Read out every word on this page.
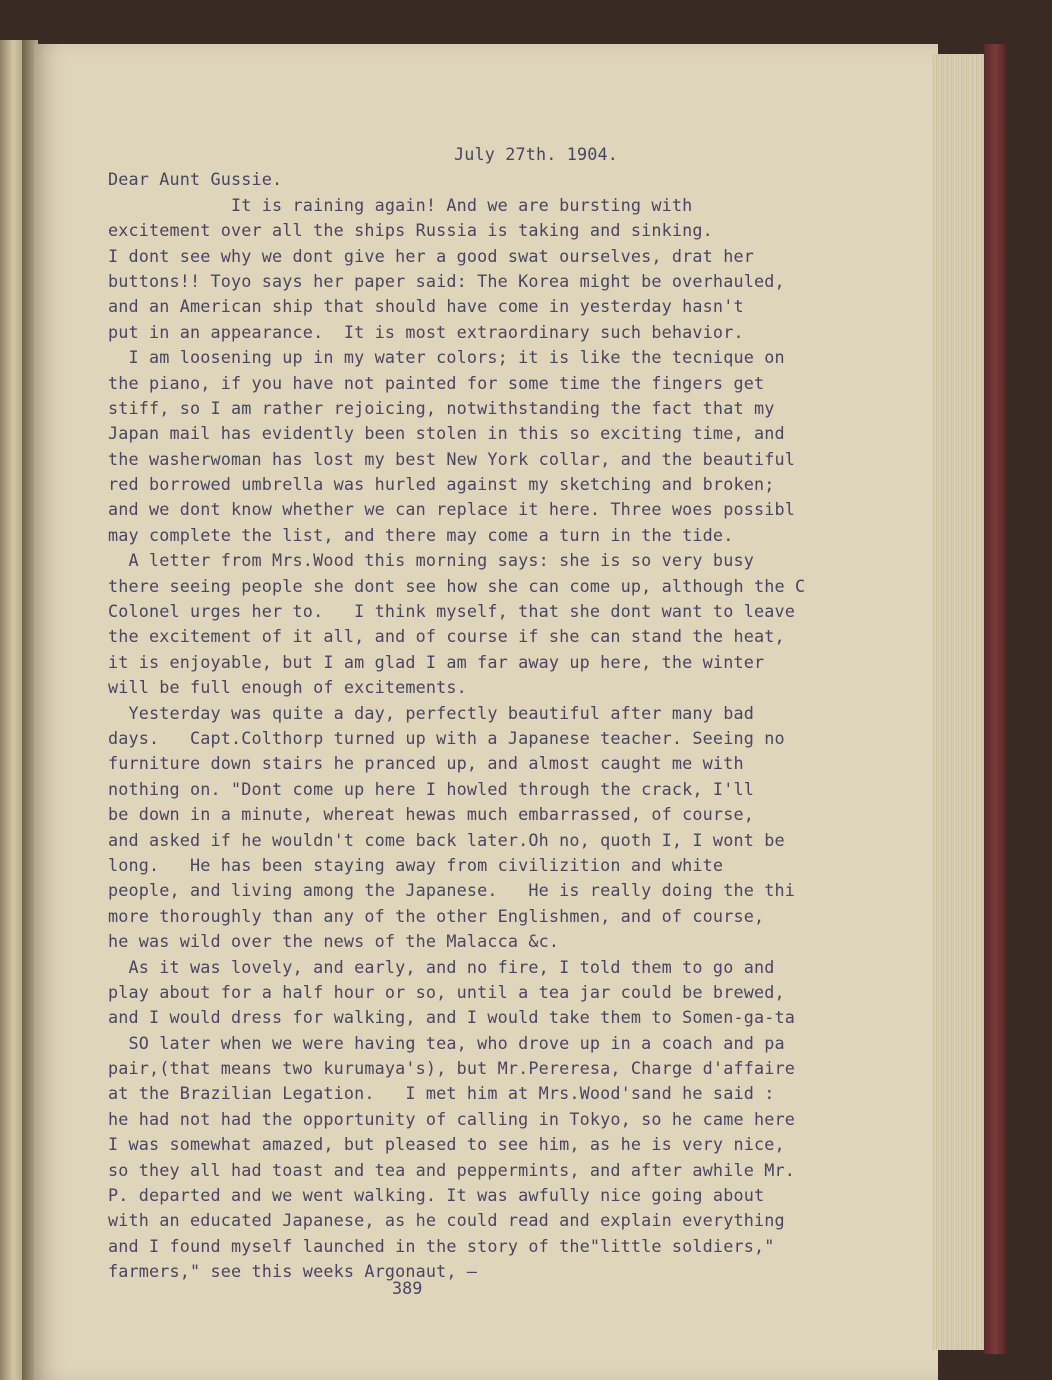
July 27th. 1904.
Dear Aunt Gussie.
It is raining again! And we are bursting with
excitement over all the ships Russia is taking and sinking.
I dont see why we dont give her a good swat ourselves, drat her
buttons!! Toyo says her paper said: The Korea might be overhauled,
and an American ship that should have come in yesterday hasn't
put in an appearance.  It is most extraordinary such behavior.
I am loosening up in my water colors; it is like the tecnique on
the piano, if you have not painted for some time the fingers get
stiff, so I am rather rejoicing, notwithstanding the fact that my
Japan mail has evidently been stolen in this so exciting time, and
the washerwoman has lost my best New York collar, and the beautiful
red borrowed umbrella was hurled against my sketching and broken;
and we dont know whether we can replace it here. Three woes possibl
may complete the list, and there may come a turn in the tide.
A letter from Mrs.Wood this morning says: she is so very busy
there seeing people she dont see how she can come up, although the C
Colonel urges her to.   I think myself, that she dont want to leave
the excitement of it all, and of course if she can stand the heat,
it is enjoyable, but I am glad I am far away up here, the winter
will be full enough of excitements.
Yesterday was quite a day, perfectly beautiful after many bad
days.   Capt.Colthorp turned up with a Japanese teacher. Seeing no
furniture down stairs he pranced up, and almost caught me with
nothing on. "Dont come up here I howled through the crack, I'll
be down in a minute, whereat hewas much embarrassed, of course,
and asked if he wouldn't come back later.Oh no, quoth I, I wont be
long.   He has been staying away from civilizition and white
people, and living among the Japanese.   He is really doing the thi
more thoroughly than any of the other Englishmen, and of course,
he was wild over the news of the Malacca &c.
As it was lovely, and early, and no fire, I told them to go and
play about for a half hour or so, until a tea jar could be brewed,
and I would dress for walking, and I would take them to Somen-ga-ta
SO later when we were having tea, who drove up in a coach and pa
pair,(that means two kurumaya's), but Mr.Pereresa, Charge d'affaire
at the Brazilian Legation.   I met him at Mrs.Wood'sand he said :
he had not had the opportunity of calling in Tokyo, so he came here
I was somewhat amazed, but pleased to see him, as he is very nice,
so they all had toast and tea and peppermints, and after awhile Mr.
P. departed and we went walking. It was awfully nice going about
with an educated Japanese, as he could read and explain everything
and I found myself launched in the story of the"little soldiers,"
farmers," see this weeks Argonaut, —
389
